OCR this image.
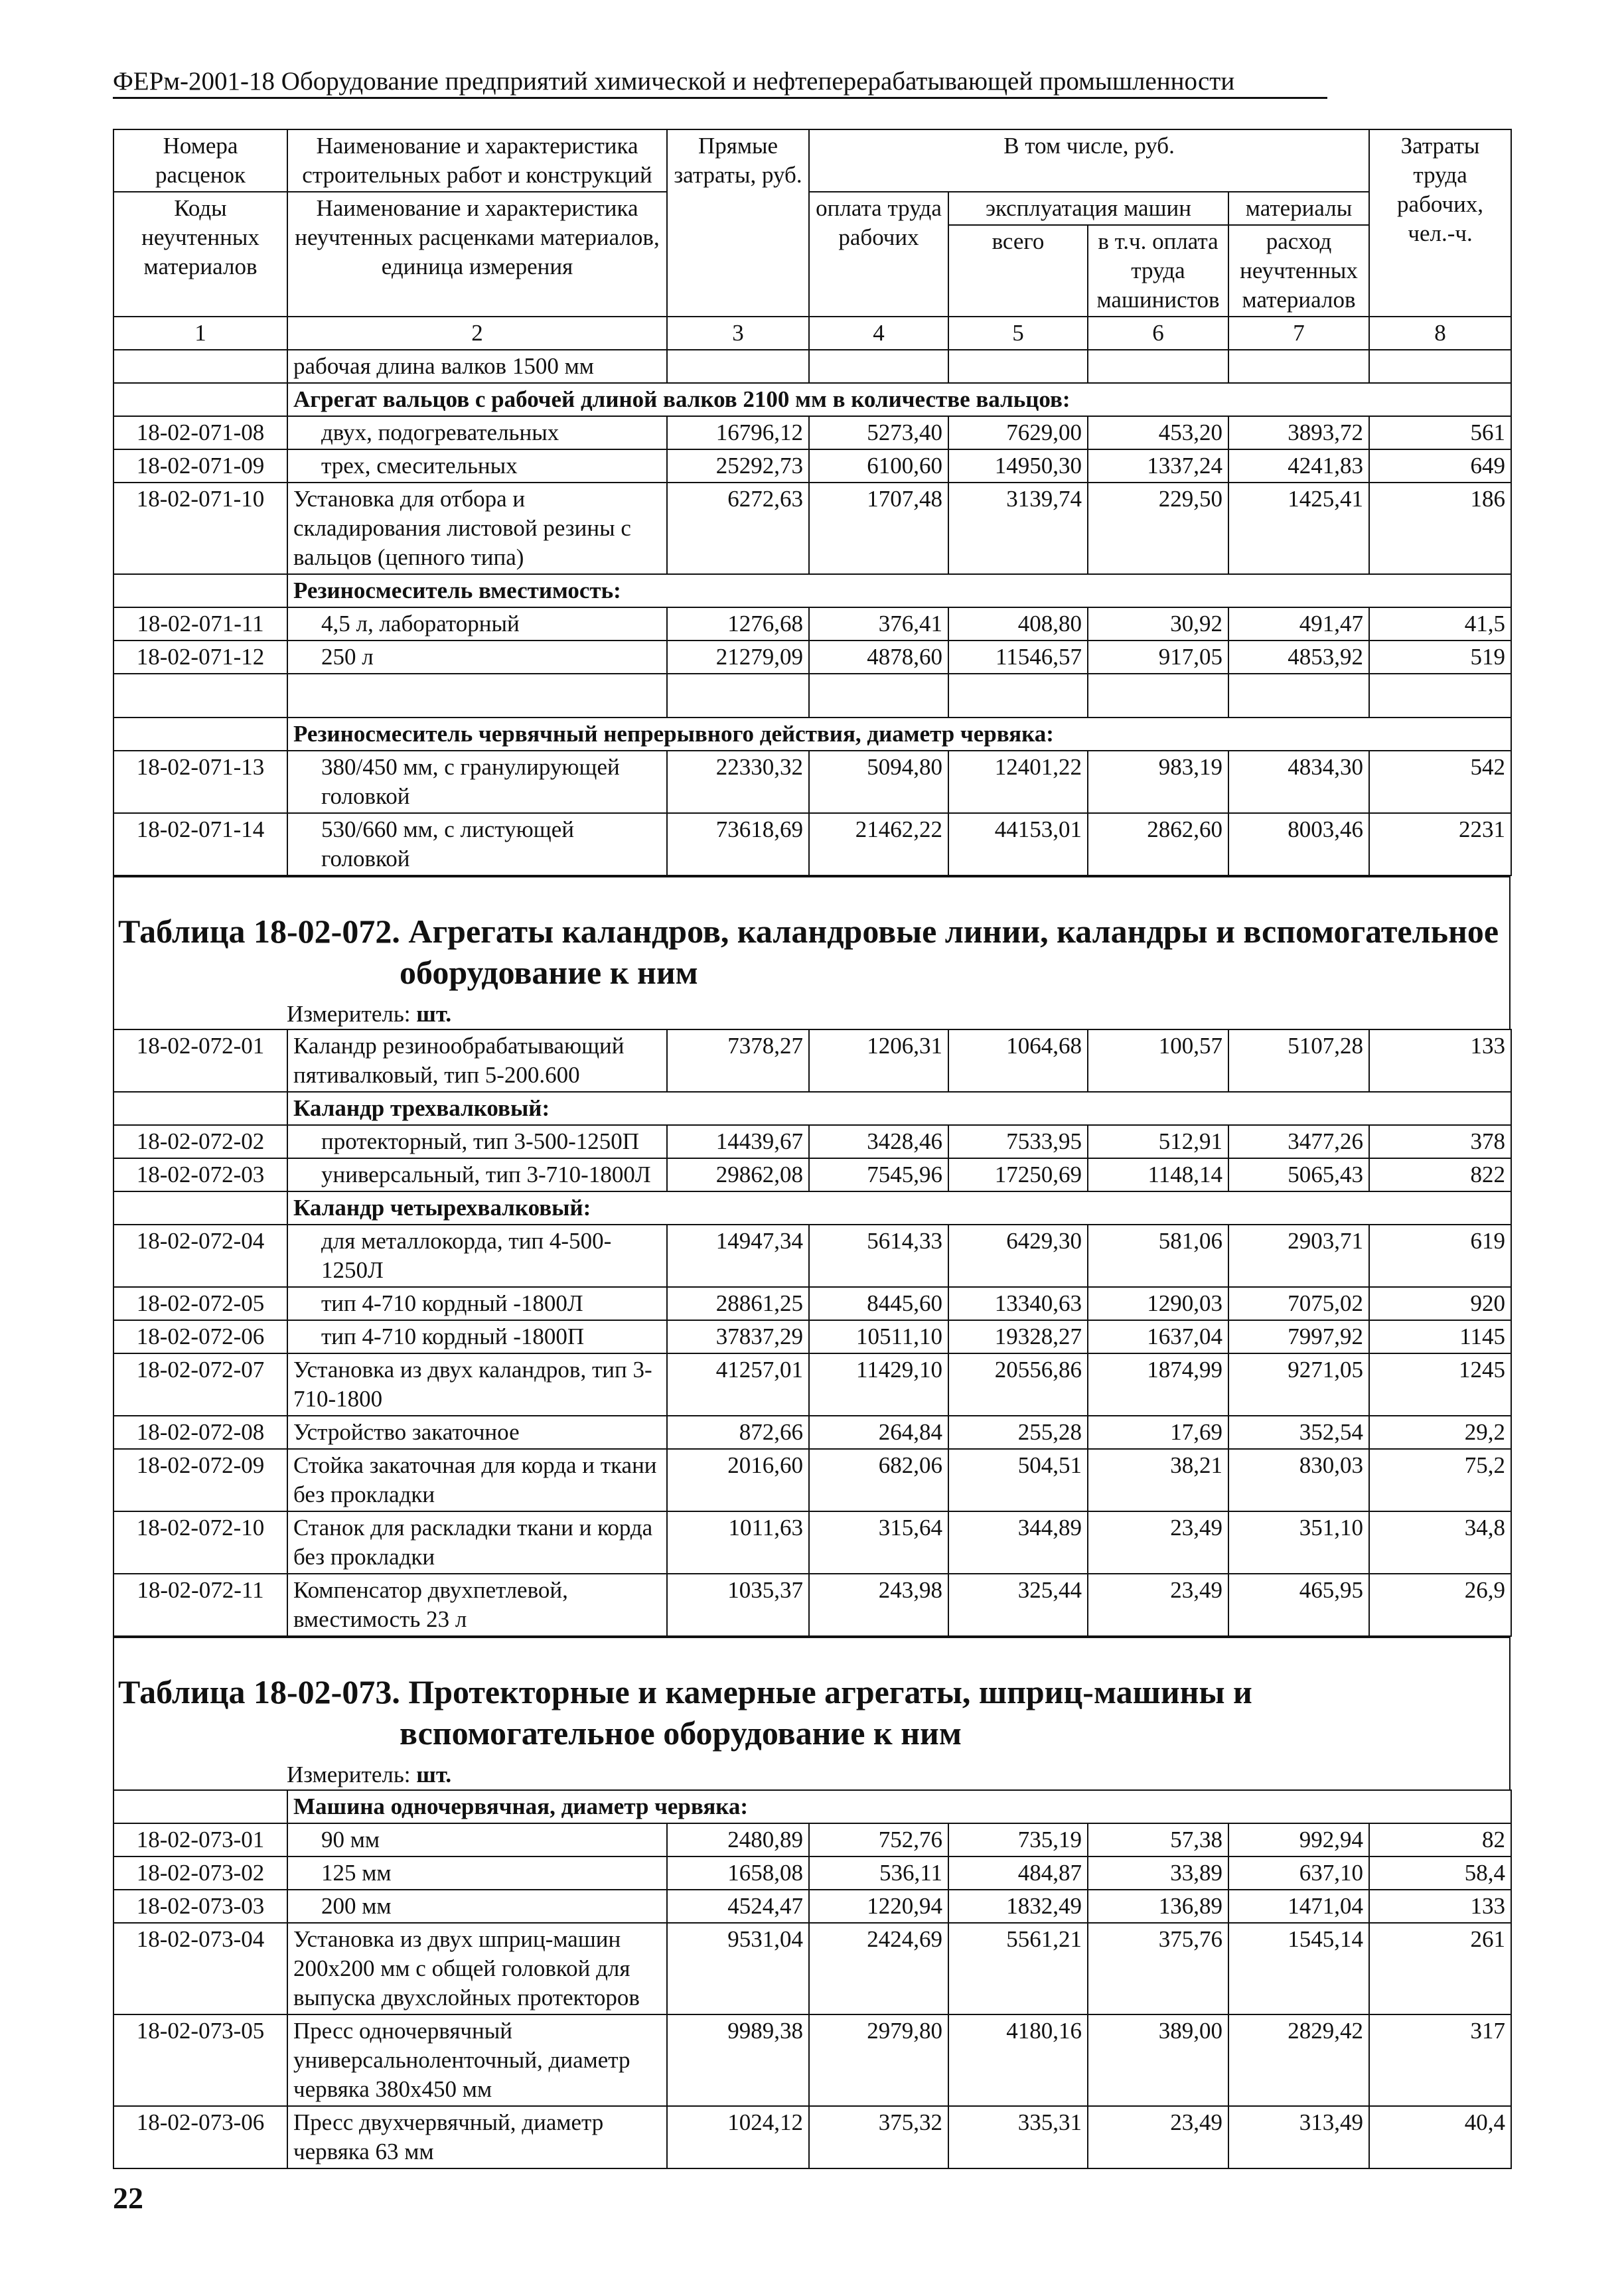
ФЕРм-2001-18 Оборудование предприятий химической и нефтеперерабатывающей промышленности
Номера расценок	Наименование и характеристика строительных работ и конструкций	Прямые затраты, руб.	В том числе, руб.				Затраты труда рабочих, чел.-ч.
Коды неучтенных материалов	Наименование и характеристика неучтенных расценками материалов, единица измерения		оплата труда рабочих	эксплуатация машин		материалы	
				всего	в т.ч. оплата труда машинистов	расход неучтенных материалов	

1	2	3	4	5	6	7	8
	рабочая длина валков 1500 мм						
	Агрегат вальцов с рабочей длиной валков 2100 мм в количестве вальцов:						
18-02-071-08	двух, подогревательных	16796,12	5273,40	7629,00	453,20	3893,72	561
18-02-071-09	трех, смесительных	25292,73	6100,60	14950,30	1337,24	4241,83	649
18-02-071-10	Установка для отбора и складирования листовой резины с вальцов (цепного типа)	6272,63	1707,48	3139,74	229,50	1425,41	186
	Резиносмеситель вместимость:						
18-02-071-11	4,5 л, лабораторный	1276,68	376,41	408,80	30,92	491,47	41,5
18-02-071-12	250 л	21279,09	4878,60	11546,57	917,05	4853,92	519

	Резиносмеситель червячный непрерывного действия, диаметр червяка:						
18-02-071-13	380/450 мм, с гранулирующей головкой	22330,32	5094,80	12401,22	983,19	4834,30	542
18-02-071-14	530/660 мм, с листующей головкой	73618,69	21462,22	44153,01	2862,60	8003,46	2231
Таблица 18-02-072. Агрегаты каландров, каландровые линии, каландры и вспомогательное
оборудование к ним
Измеритель: шт.
18-02-072-01	Каландр резинообрабатывающий пятивалковый, тип 5-200.600	7378,27	1206,31	1064,68	100,57	5107,28	133
	Каландр трехвалковый:						
18-02-072-02	протекторный, тип 3-500-1250П	14439,67	3428,46	7533,95	512,91	3477,26	378
18-02-072-03	универсальный, тип 3-710-1800Л	29862,08	7545,96	17250,69	1148,14	5065,43	822
	Каландр четырехвалковый:						
18-02-072-04	для металлокорда, тип 4-500-1250Л	14947,34	5614,33	6429,30	581,06	2903,71	619
18-02-072-05	тип 4-710 кордный -1800Л	28861,25	8445,60	13340,63	1290,03	7075,02	920
18-02-072-06	тип 4-710 кордный -1800П	37837,29	10511,10	19328,27	1637,04	7997,92	1145
18-02-072-07	Установка из двух каландров, тип 3-710-1800	41257,01	11429,10	20556,86	1874,99	9271,05	1245
18-02-072-08	Устройство закаточное	872,66	264,84	255,28	17,69	352,54	29,2
18-02-072-09	Стойка закаточная для корда и ткани без прокладки	2016,60	682,06	504,51	38,21	830,03	75,2
18-02-072-10	Станок для раскладки ткани и корда без прокладки	1011,63	315,64	344,89	23,49	351,10	34,8
18-02-072-11	Компенсатор двухпетлевой, вместимость 23 л	1035,37	243,98	325,44	23,49	465,95	26,9
Таблица 18-02-073. Протекторные и камерные агрегаты, шприц-машины и
вспомогательное оборудование к ним
Измеритель: шт.
	Машина одночервячная, диаметр червяка:						
18-02-073-01	90 мм	2480,89	752,76	735,19	57,38	992,94	82
18-02-073-02	125 мм	1658,08	536,11	484,87	33,89	637,10	58,4
18-02-073-03	200 мм	4524,47	1220,94	1832,49	136,89	1471,04	133
18-02-073-04	Установка из двух шприц-машин 200х200 мм с общей головкой для выпуска двухслойных протекторов	9531,04	2424,69	5561,21	375,76	1545,14	261
18-02-073-05	Пресс одночервячный универсальноленточный, диаметр червяка 380х450 мм	9989,38	2979,80	4180,16	389,00	2829,42	317
18-02-073-06	Пресс двухчервячный, диаметр червяка 63 мм	1024,12	375,32	335,31	23,49	313,49	40,4
22
